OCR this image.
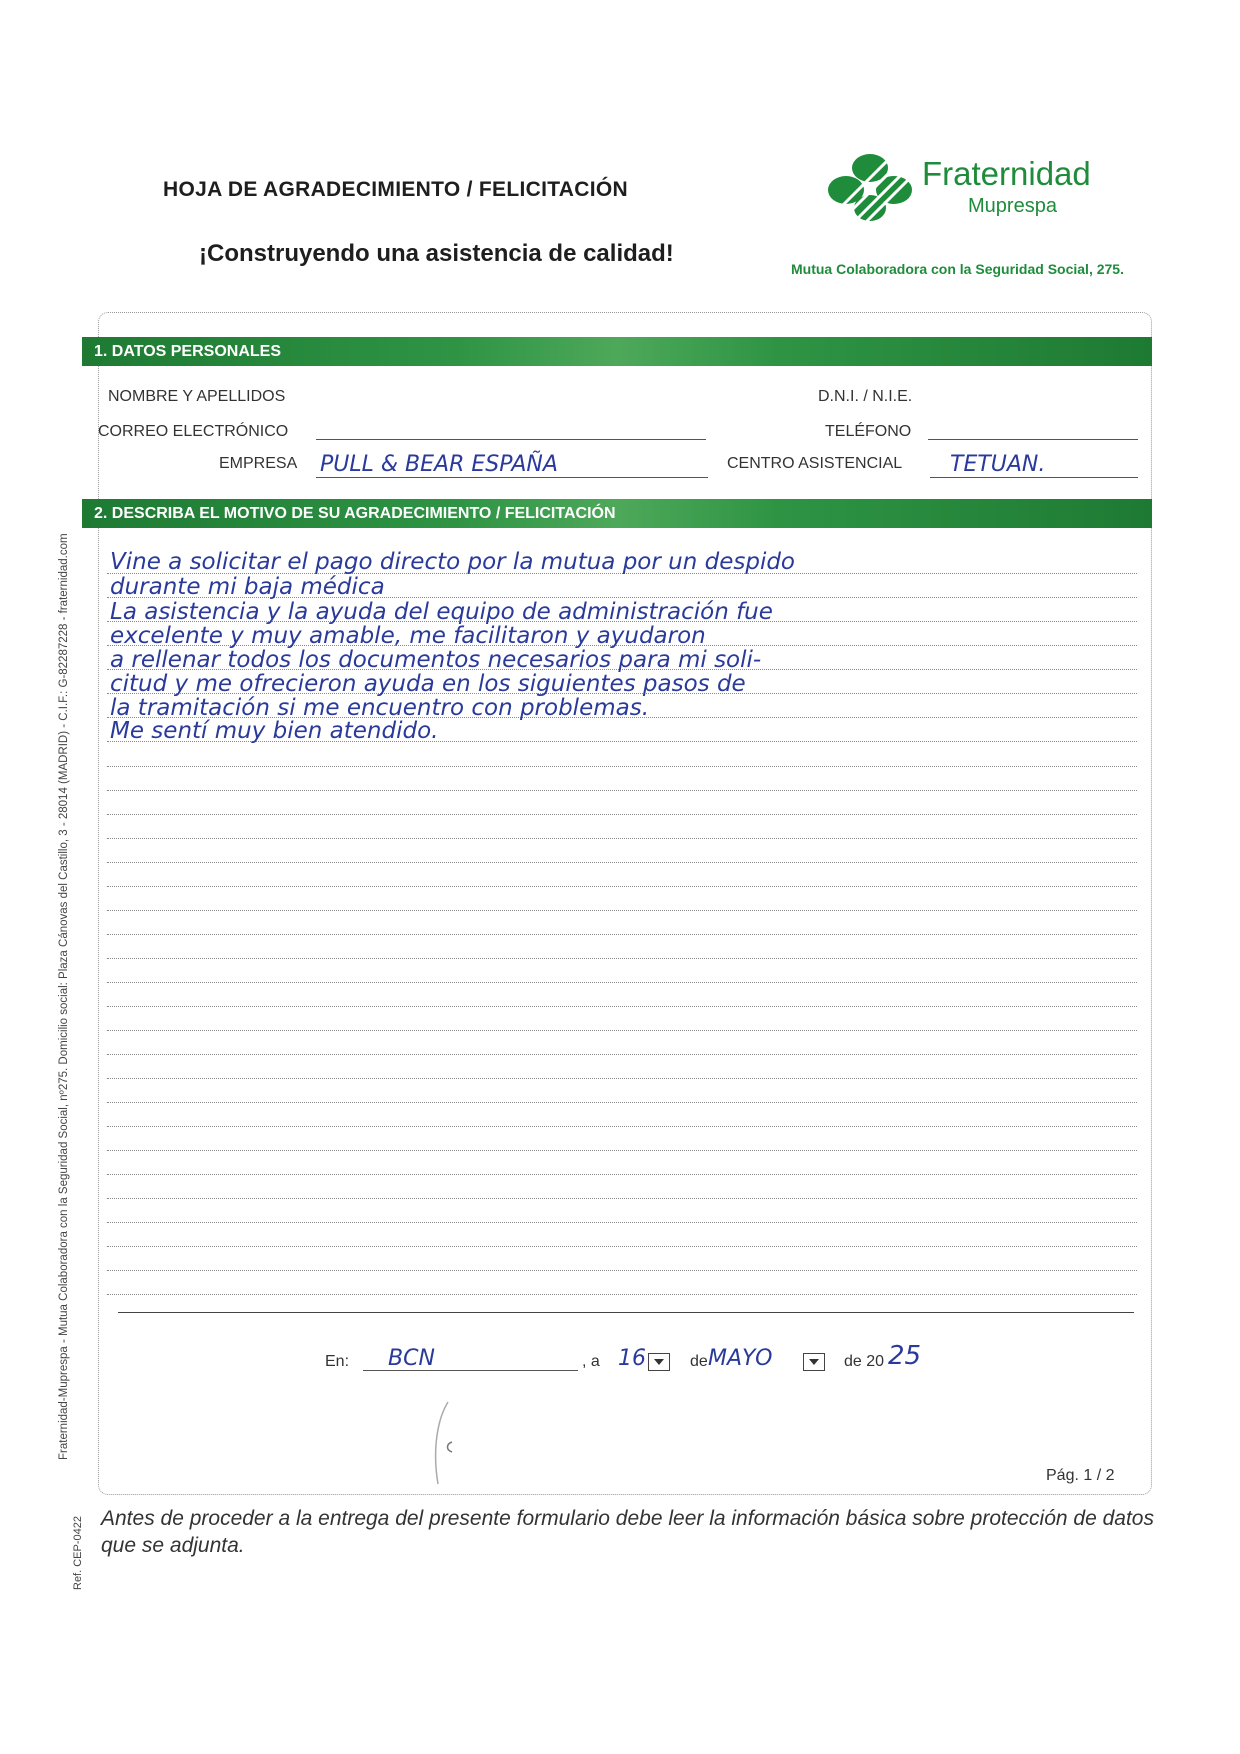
HOJA DE AGRADECIMIENTO / FELICITACIÓN
¡Construyendo una asistencia de calidad!
Fraternidad
Muprespa
Mutua Colaboradora con la Seguridad Social, 275.
1. DATOS PERSONALES
NOMBRE Y APELLIDOS	D.N.I. / N.I.E.
CORREO ELECTRÓNICO	TELÉFONO
EMPRESA PULL & BEAR ESPAÑA	CENTRO ASISTENCIAL TETUAN.
2. DESCRIBA EL MOTIVO DE SU AGRADECIMIENTO / FELICITACIÓN
Vine a solicitar el pago directo por la mutua por un despido
durante mi baja médica
La asistencia y la ayuda del equipo de administración fue
excelente y muy amable, me facilitaron y ayudaron
a rellenar todos los documentos necesarios para mi soli-
citud y me ofrecieron ayuda en los siguientes pasos de
la tramitación si me encuentro con problemas.
Me sentí muy bien atendido.
En: BCN	, a 16	de MAYO	de 20 25
Pág. 1 / 2
Antes de proceder a la entrega del presente formulario debe leer la información básica sobre protección de datos que se adjunta.
Fraternidad-Muprespa - Mutua Colaboradora con la Seguridad Social, nº275. Domicilio social: Plaza Cánovas del Castillo, 3 - 28014 (MADRID) - C.I.F.: G-82287228 - fraternidad.com
Ref. CEP-0422
